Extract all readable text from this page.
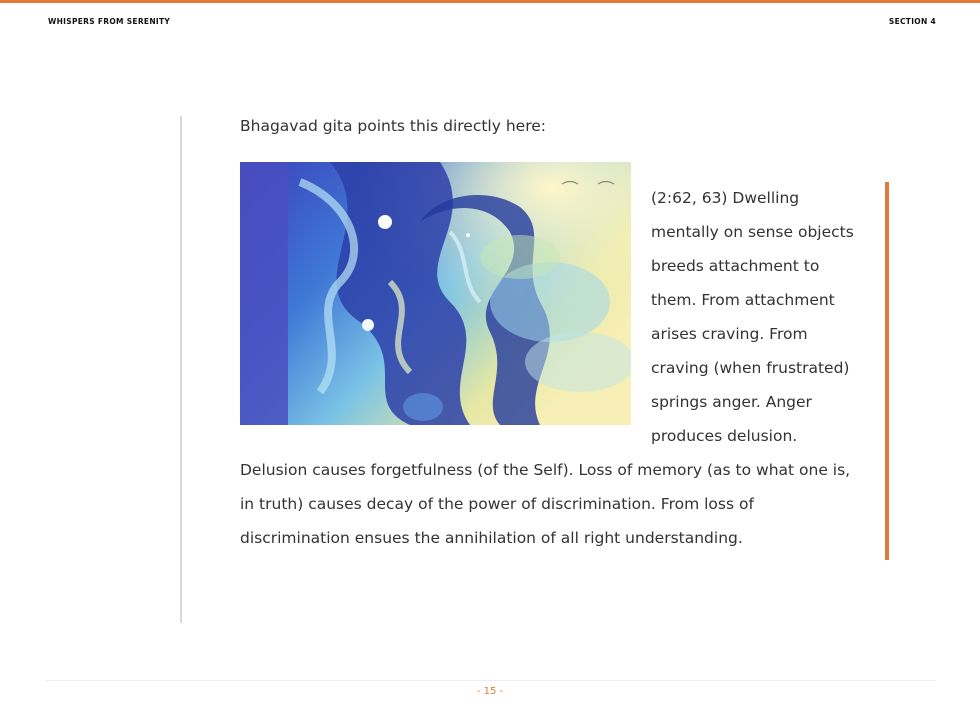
WHISPERS FROM SERENITY	SECTION 4

Bhagavad gita points this directly here:

(2:62, 63) Dwelling mentally on sense objects breeds attachment to them. From attachment arises craving. From craving (when frustrated) springs anger. Anger produces delusion. Delusion causes forgetfulness (of the Self). Loss of memory (as to what one is, in truth) causes decay of the power of discrimination. From loss of discrimination ensues the annihilation of all right understanding.

- 15 -
